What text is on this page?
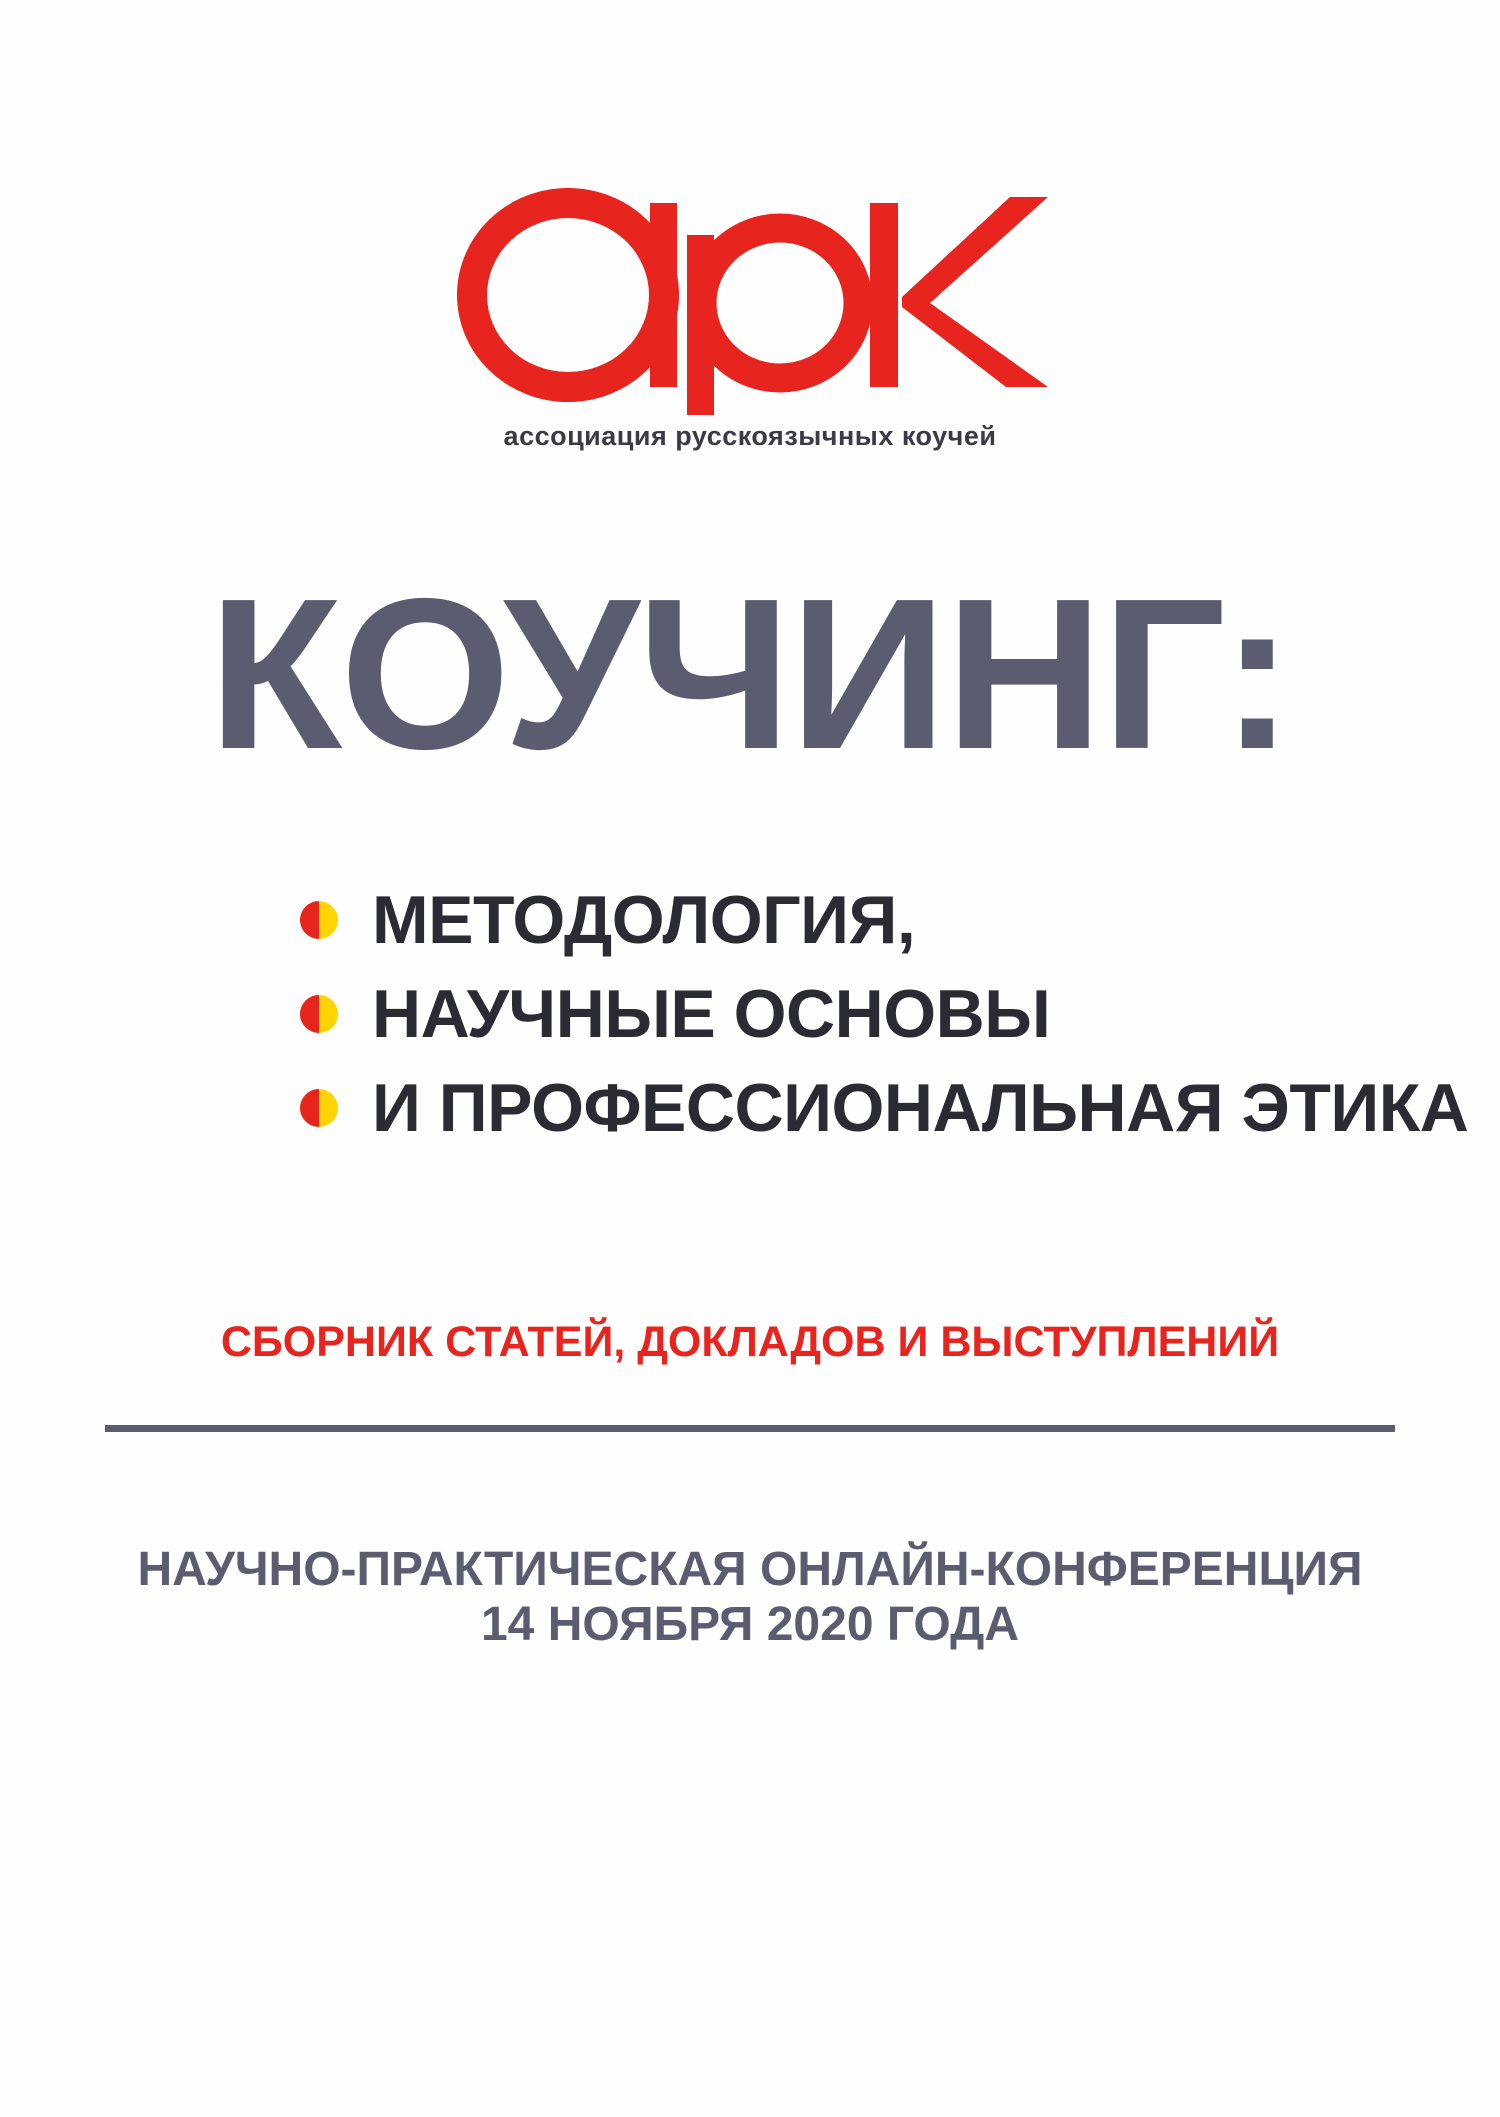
ассоциация русскоязычных коучей
КОУЧИНГ:
МЕТОДОЛОГИЯ,
НАУЧНЫЕ ОСНОВЫ
И ПРОФЕССИОНАЛЬНАЯ ЭТИКА
СБОРНИК СТАТЕЙ, ДОКЛАДОВ И ВЫСТУПЛЕНИЙ
НАУЧНО-ПРАКТИЧЕСКАЯ ОНЛАЙН-КОНФЕРЕНЦИЯ
14 НОЯБРЯ 2020 ГОДА
